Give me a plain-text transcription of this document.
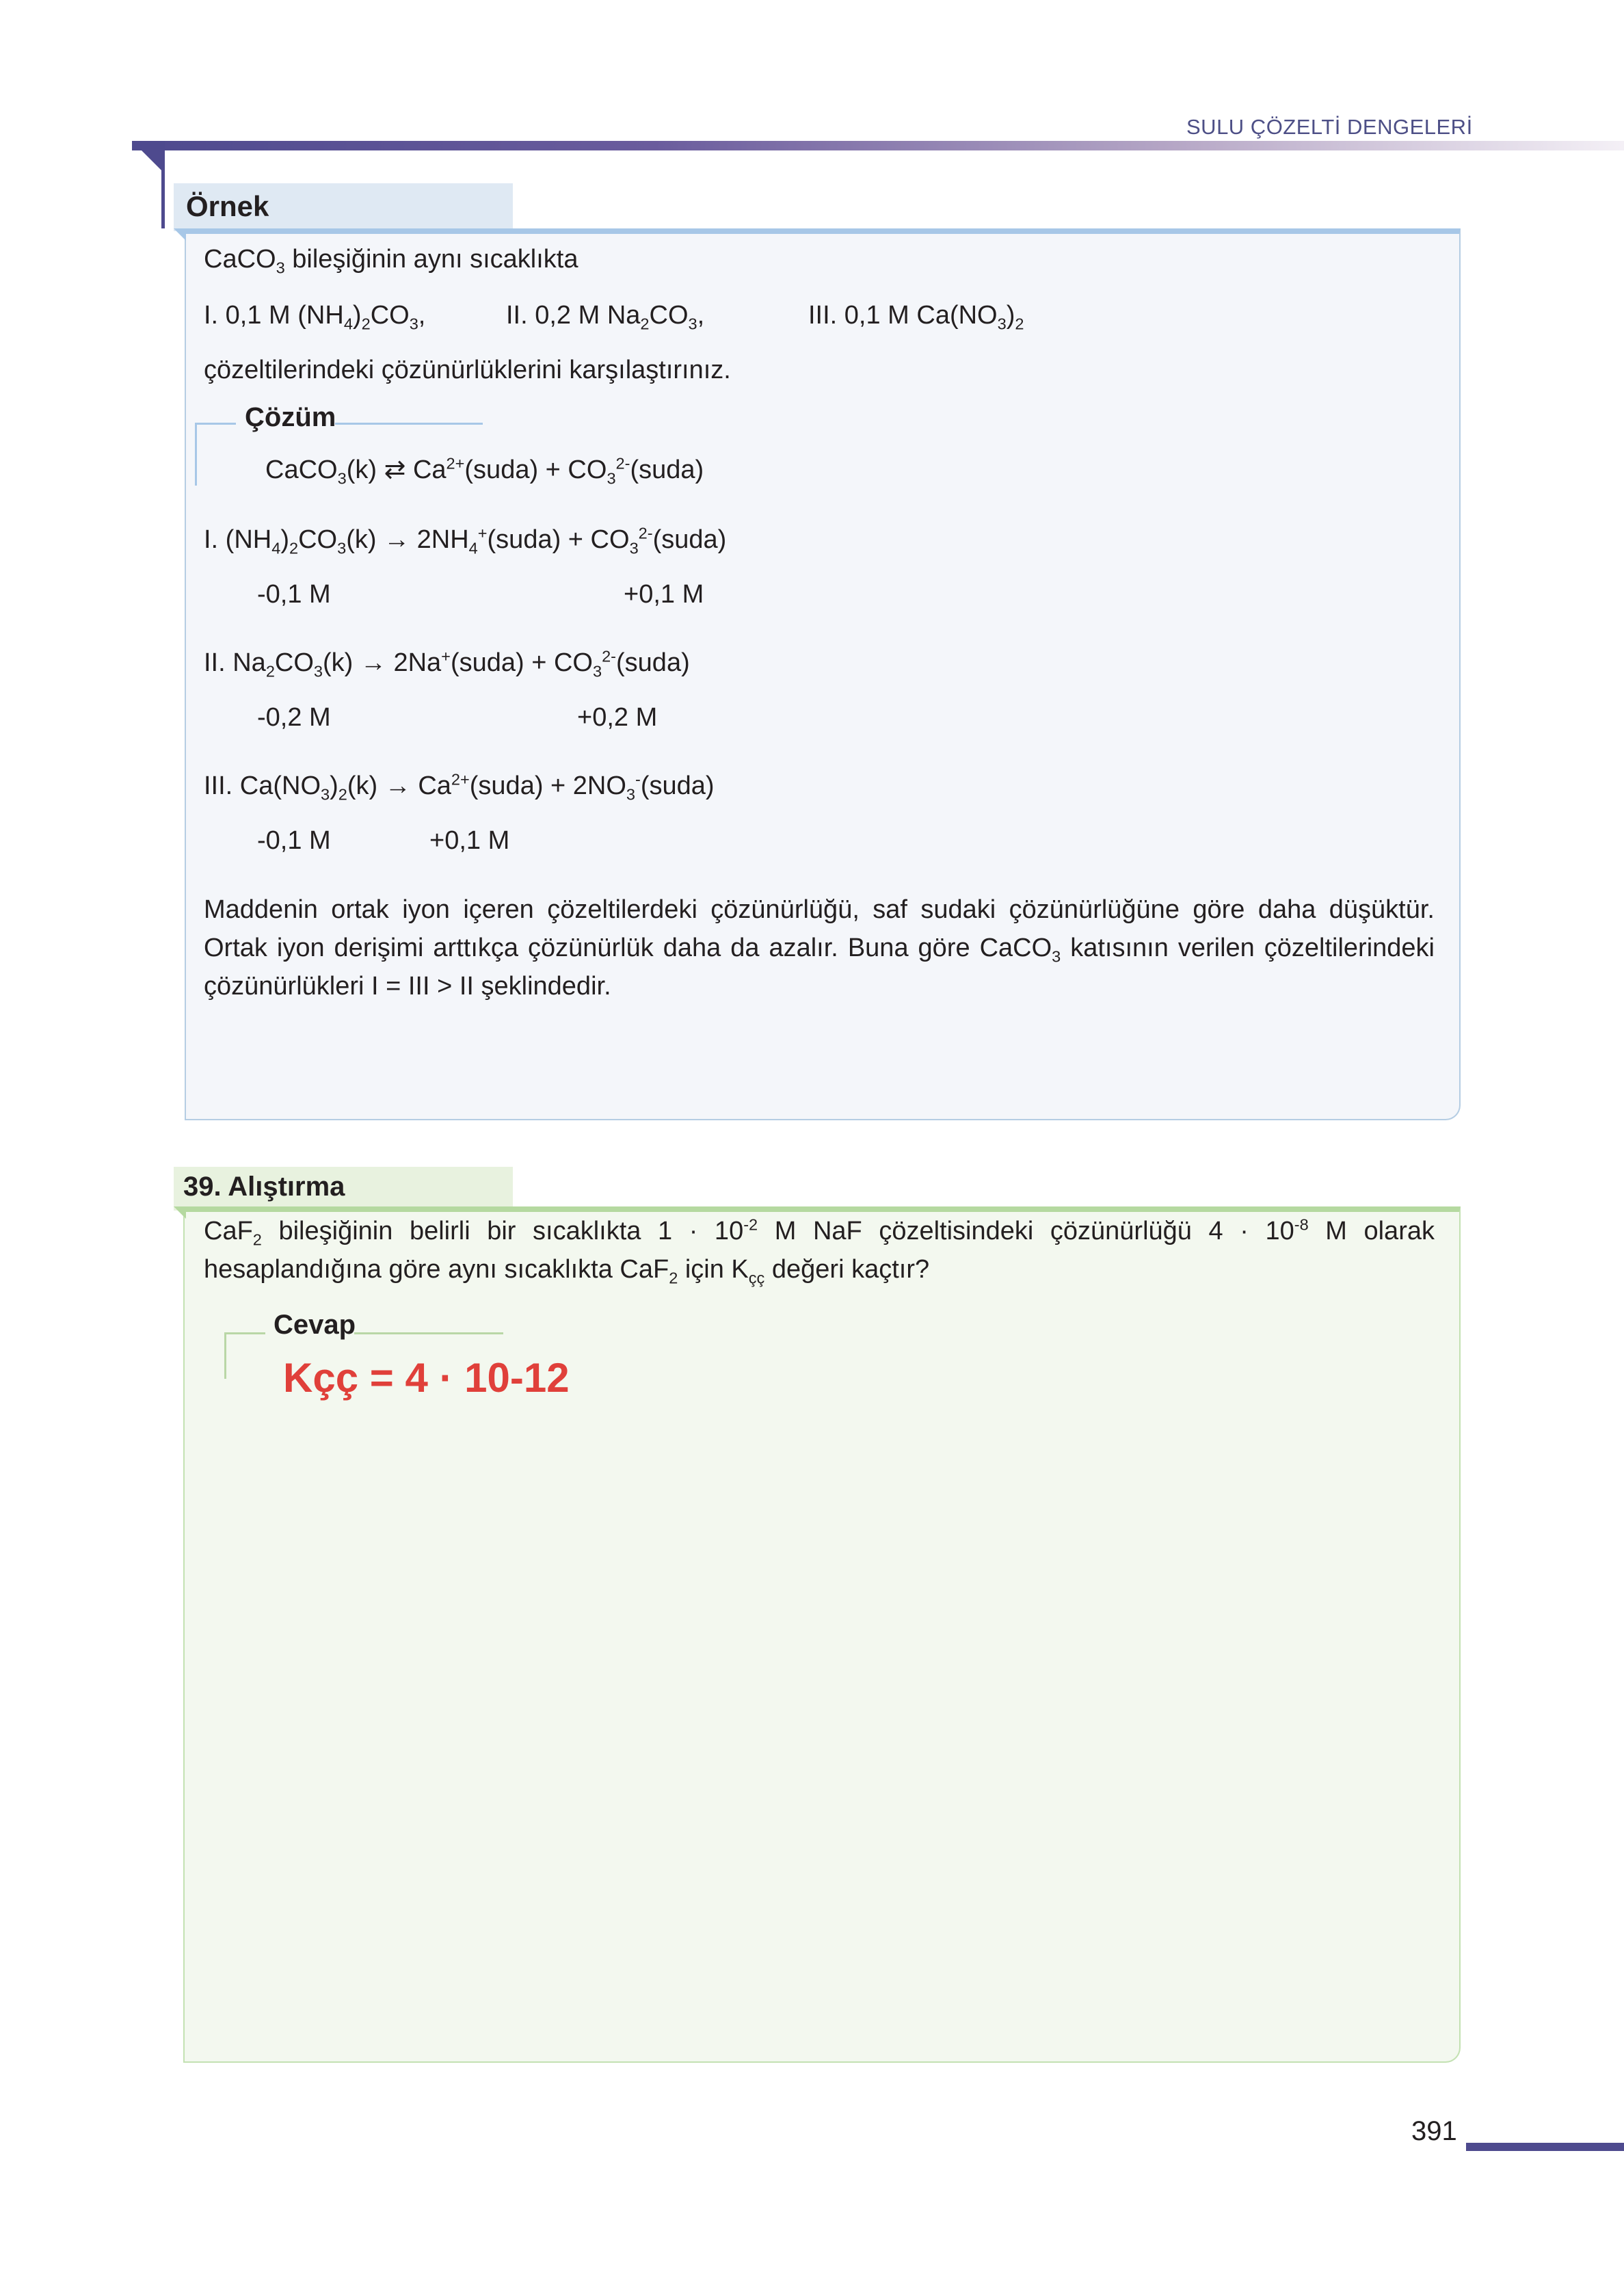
SULU ÇÖZELTİ DENGELERİ
Örnek
CaCO$_3$ bileşiğinin aynı sıcaklıkta
I. 0,1 M $(NH_4)_2CO_3$,	II. 0,2 M $Na_2CO_3$,	III. 0,1 M $Ca(NO_3)_2$
çözeltilerindeki çözünürlüklerini karşılaştırınız.
Çözüm
CaCO$_3$(k) ⇄ $Ca^{2+}(suda)$ + $CO_3^{2-}(suda)$
I. $(NH_4)_2CO_3(k)$ → $2NH_4^+(suda)$ + $CO_3^{2-}(suda)$
-0,1 M	+0,1 M
II. $Na_2CO_3(k)$ → 2Na+(suda) + $CO_3^{2-}(suda)$
-0,2 M	+0,2 M
III. $Ca(NO_3)_2(k)$ → $Ca^{2+}(suda)$ + $2NO_3^-(suda)$
-0,1 M	+0,1 M
Maddenin ortak iyon içeren çözeltilerdeki çözünürlüğü, saf sudaki çözünürlüğüne göre daha düşüktür. Ortak iyon derişimi arttıkça çözünürlük daha da azalır. Buna göre CaCO$_3$ katısının verilen çözeltilerindeki çözünürlükleri I = III > II şeklindedir.
39. Alıştırma
CaF$_2$ bileşiğinin belirli bir sıcaklıkta $1 \cdot 10^{-2}$ M NaF çözeltisindeki çözünürlüğü $4 \cdot 10^{-8}$ M olarak hesaplandığına göre aynı sıcaklıkta CaF$_2$ için $K_{çç}$ değeri kaçtır?
Cevap
Kçç = 4 · 10-12
391
